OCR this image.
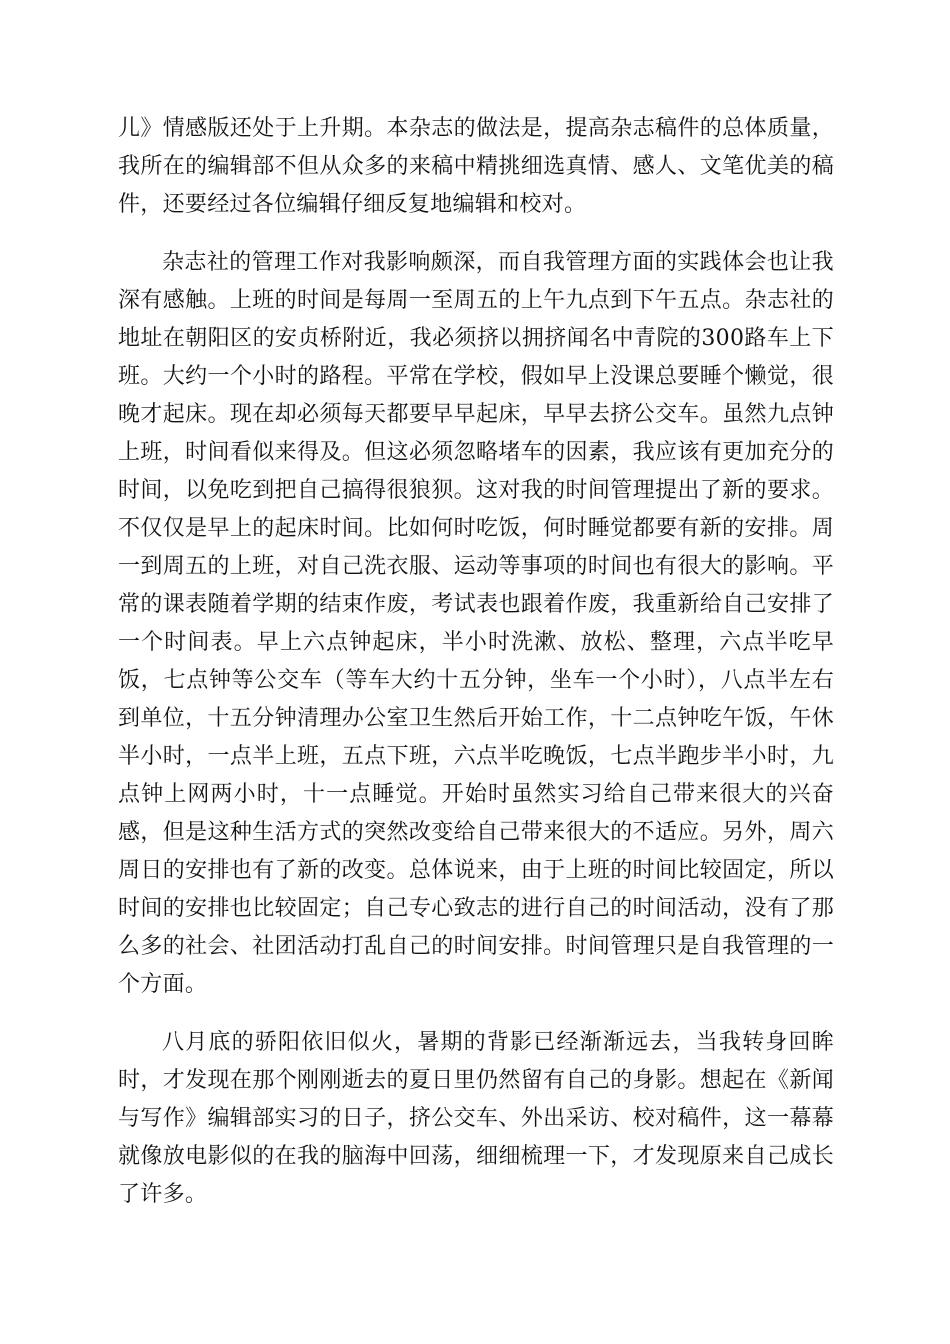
儿》情感版还处于上升期。本杂志的做法是，提高杂志稿件的总体质量，我所在的编辑部不但从众多的来稿中精挑细选真情、感人、文笔优美的稿件，还要经过各位编辑仔细反复地编辑和校对。

杂志社的管理工作对我影响颇深，而自我管理方面的实践体会也让我深有感触。上班的时间是每周一至周五的上午九点到下午五点。杂志社的地址在朝阳区的安贞桥附近，我必须挤以拥挤闻名中青院的300路车上下班。大约一个小时的路程。平常在学校，假如早上没课总要睡个懒觉，很晚才起床。现在却必须每天都要早早起床，早早去挤公交车。虽然九点钟上班，时间看似来得及。但这必须忽略堵车的因素，我应该有更加充分的时间，以免吃到把自己搞得很狼狈。这对我的时间管理提出了新的要求。不仅仅是早上的起床时间。比如何时吃饭，何时睡觉都要有新的安排。周一到周五的上班，对自己洗衣服、运动等事项的时间也有很大的影响。平常的课表随着学期的结束作废，考试表也跟着作废，我重新给自己安排了一个时间表。早上六点钟起床，半小时洗漱、放松、整理，六点半吃早饭，七点钟等公交车（等车大约十五分钟，坐车一个小时），八点半左右到单位，十五分钟清理办公室卫生然后开始工作，十二点钟吃午饭，午休半小时，一点半上班，五点下班，六点半吃晚饭，七点半跑步半小时，九点钟上网两小时，十一点睡觉。开始时虽然实习给自己带来很大的兴奋感，但是这种生活方式的突然改变给自己带来很大的不适应。另外，周六周日的安排也有了新的改变。总体说来，由于上班的时间比较固定，所以时间的安排也比较固定；自己专心致志的进行自己的时间活动，没有了那么多的社会、社团活动打乱自己的时间安排。时间管理只是自我管理的一个方面。

八月底的骄阳依旧似火，暑期的背影已经渐渐远去，当我转身回眸时，才发现在那个刚刚逝去的夏日里仍然留有自己的身影。想起在《新闻与写作》编辑部实习的日子，挤公交车、外出采访、校对稿件，这一幕幕就像放电影似的在我的脑海中回荡，细细梳理一下，才发现原来自己成长了许多。
